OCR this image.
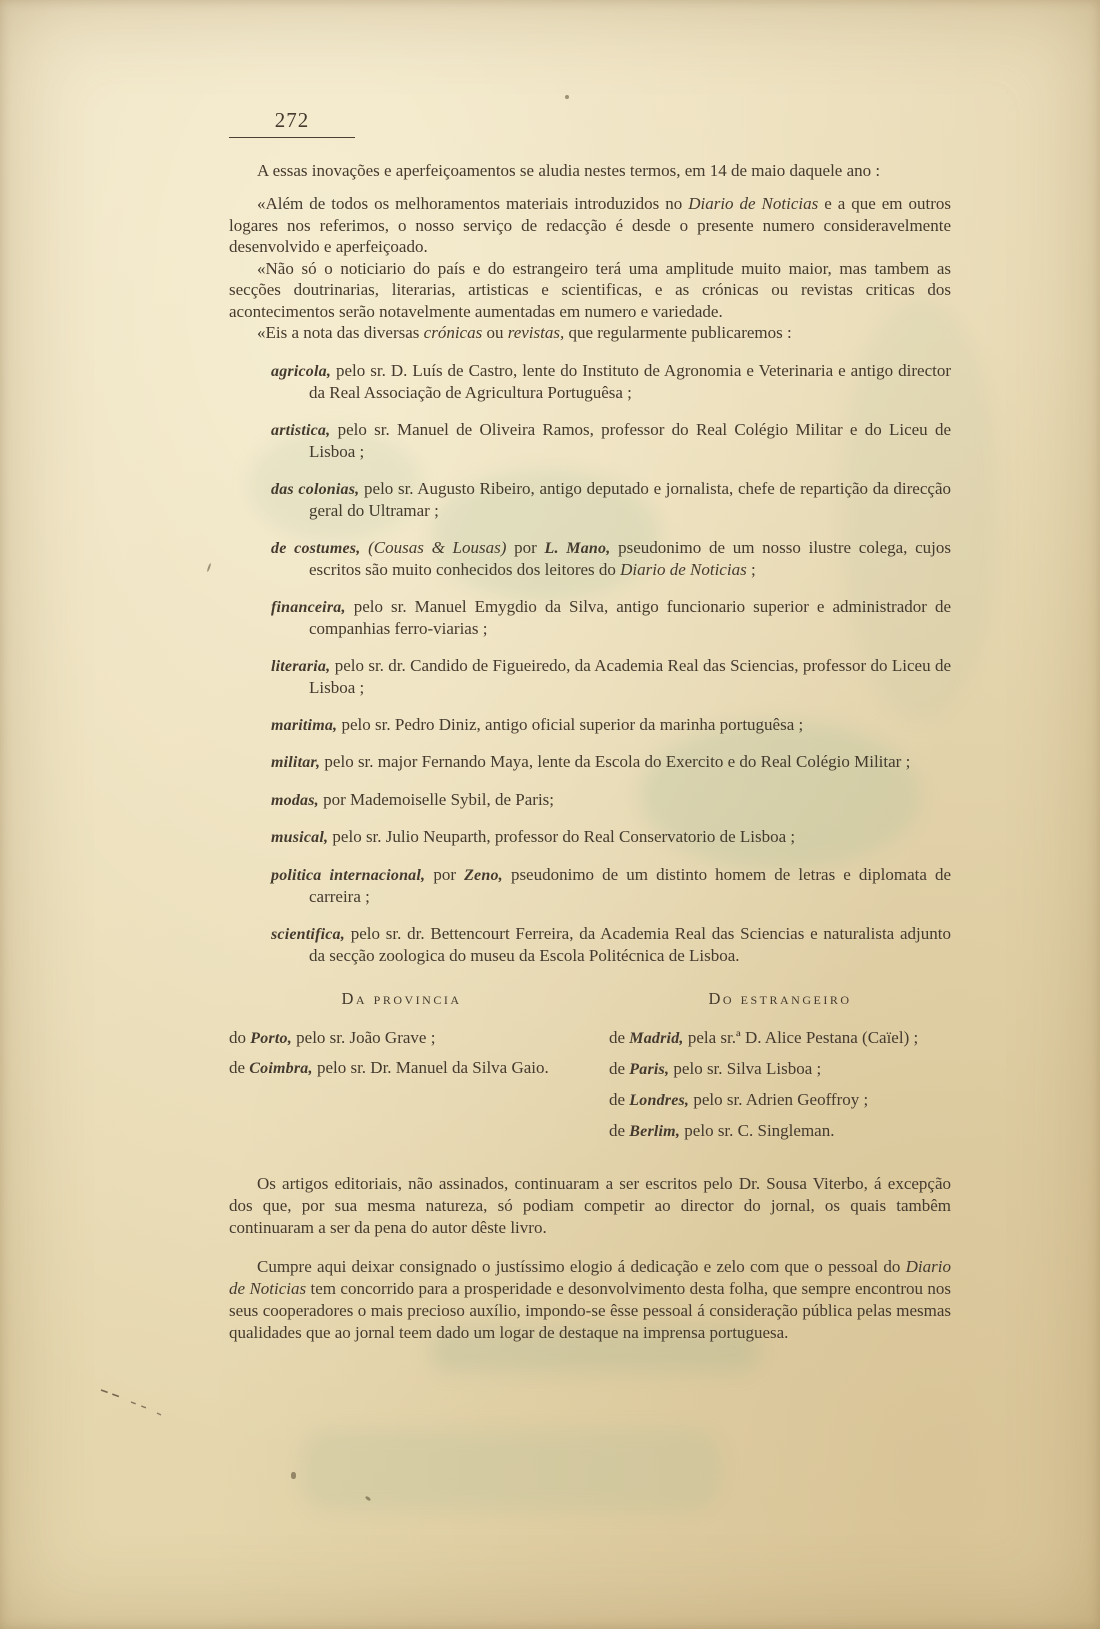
272

A essas inovações e aperfeiçoamentos se aludia nestes termos, em 14 de maio daquele ano :

«Além de todos os melhoramentos materiais introduzidos no Diario de Noticias e a que em outros logares nos referimos, o nosso serviço de redacção é desde o presente numero consideravelmente desenvolvido e aperfeiçoado.

«Não só o noticiario do país e do estrangeiro terá uma amplitude muito maior, mas tambem as secções doutrinarias, literarias, artisticas e scientificas, e as crónicas ou revistas criticas dos acontecimentos serão notavelmente aumentadas em numero e variedade.

«Eis a nota das diversas crónicas ou revistas, que regularmente publicaremos :

agricola, pelo sr. D. Luís de Castro, lente do Instituto de Agronomia e Veterinaria e antigo director da Real Associação de Agricultura Portuguêsa ;

artistica, pelo sr. Manuel de Oliveira Ramos, professor do Real Colégio Militar e do Liceu de Lisboa ;

das colonias, pelo sr. Augusto Ribeiro, antigo deputado e jornalista, chefe de repartição da direcção geral do Ultramar ;

de costumes, (Cousas & Lousas) por L. Mano, pseudonimo de um nosso ilustre colega, cujos escritos são muito conhecidos dos leitores do Diario de Noticias ;

financeira, pelo sr. Manuel Emygdio da Silva, antigo funcionario superior e administrador de companhias ferro-viarias ;

literaria, pelo sr. dr. Candido de Figueiredo, da Academia Real das Sciencias, professor do Liceu de Lisboa ;

maritima, pelo sr. Pedro Diniz, antigo oficial superior da marinha portuguêsa ;

militar, pelo sr. major Fernando Maya, lente da Escola do Exercito e do Real Colégio Militar ;

modas, por Mademoiselle Sybil, de Paris;

musical, pelo sr. Julio Neuparth, professor do Real Conservatorio de Lisboa ;

politica internacional, por Zeno, pseudonimo de um distinto homem de letras e diplomata de carreira ;

scientifica, pelo sr. dr. Bettencourt Ferreira, da Academia Real das Sciencias e naturalista adjunto da secção zoologica do museu da Escola Politécnica de Lisboa.

Da provincia

do Porto, pelo sr. João Grave ;

de Coimbra, pelo sr. Dr. Manuel da Silva Gaio.

Do estrangeiro

de Madrid, pela sr.ª D. Alice Pestana (Caïel) ;

de Paris, pelo sr. Silva Lisboa ;

de Londres, pelo sr. Adrien Geoffroy ;

de Berlim, pelo sr. C. Singleman.

Os artigos editoriais, não assinados, continuaram a ser escritos pelo Dr. Sousa Viterbo, á excepção dos que, por sua mesma natureza, só podiam competir ao director do jornal, os quais tambêm continuaram a ser da pena do autor dêste livro.

Cumpre aqui deixar consignado o justíssimo elogio á dedicação e zelo com que o pessoal do Diario de Noticias tem concorrido para a prosperidade e desonvolvimento desta folha, que sempre encontrou nos seus cooperadores o mais precioso auxílio, impondo-se êsse pessoal á consideração pública pelas mesmas qualidades que ao jornal teem dado um logar de destaque na imprensa portuguesa.
